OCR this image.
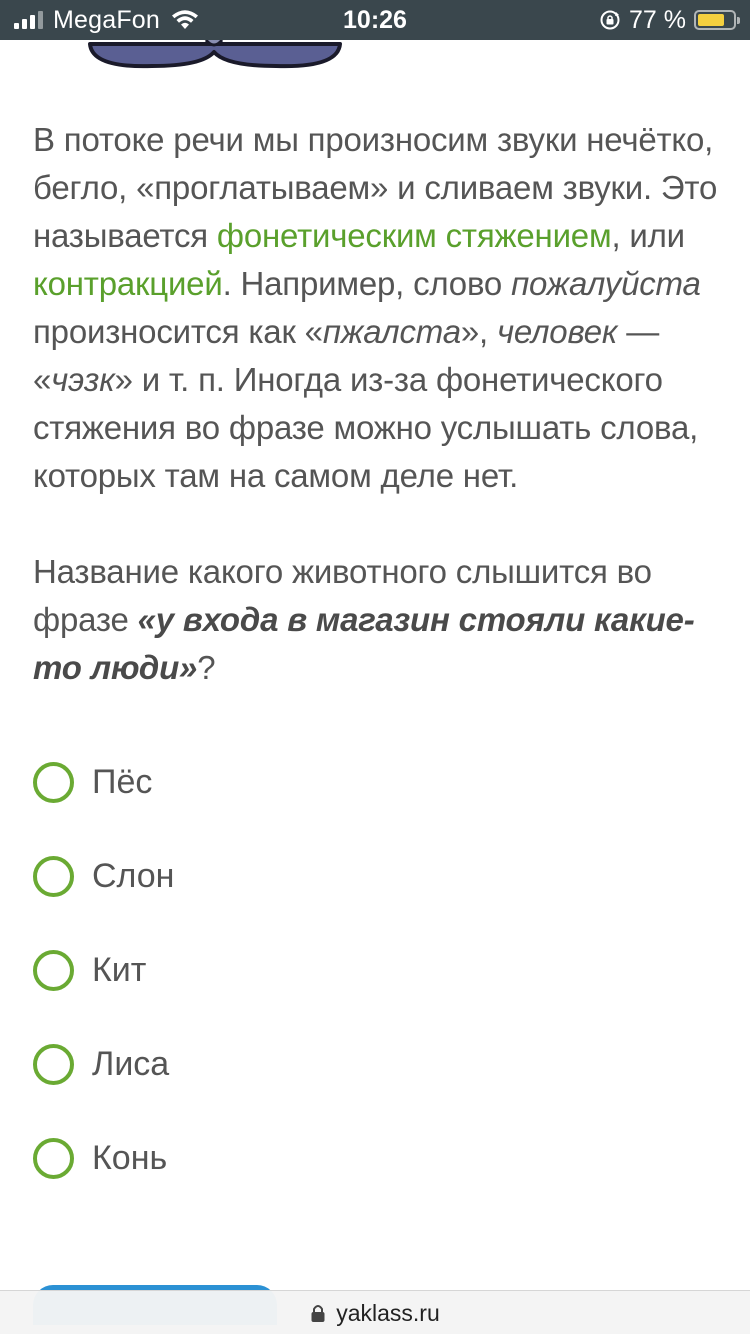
MegaFon	10:26	77 %

В потоке речи мы произносим звуки нечётко, бегло, «проглатываем» и сливаем звуки. Это называется фонетическим стяжением, или контракцией. Например, слово пожалуйста произносится как «пжалста», человек — «чэзк» и т. п. Иногда из‑за фонетического стяжения во фразе можно услышать слова, которых там на самом деле нет.

Название какого животного слышится во фразе «у входа в магазин стояли какие-то люди»?

Пёс
Слон
Кит
Лиса
Конь
yaklass.ru
